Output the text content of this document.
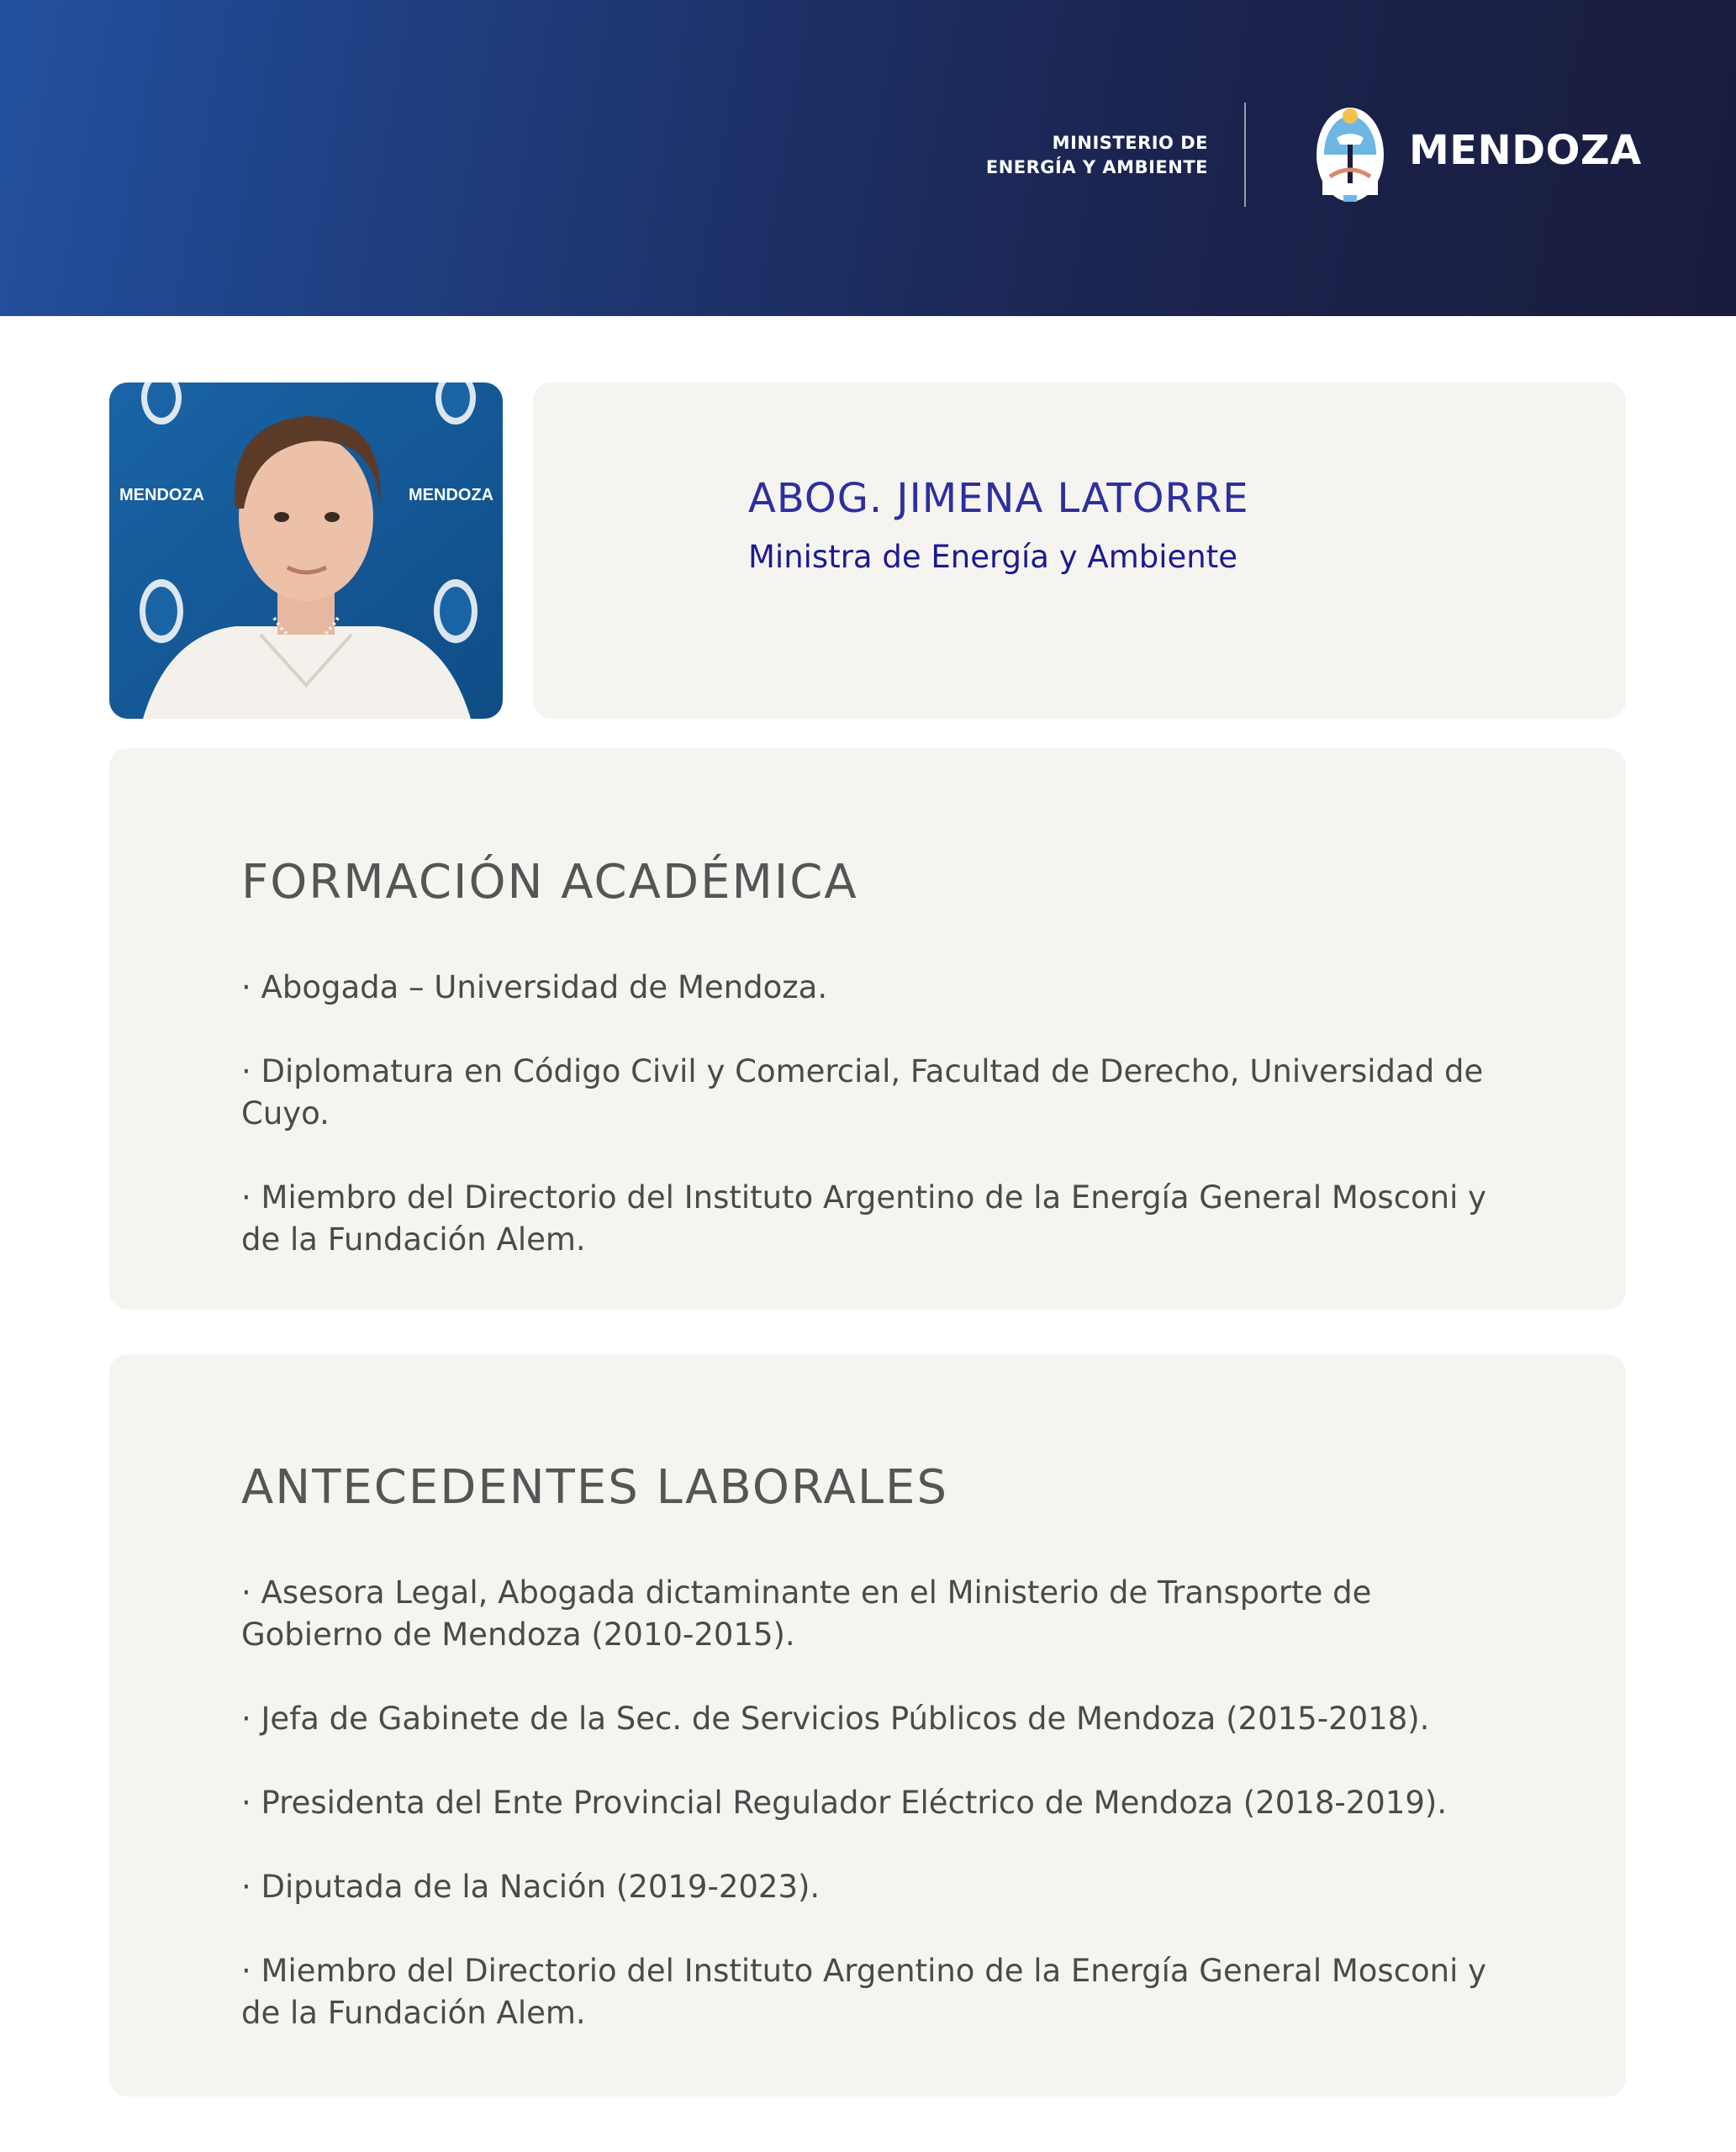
MINISTERIO DE
ENERGÍA Y AMBIENTE	MENDOZA
MENDOZA	MENDOZA	ABOG. JIMENA LATORRE
Ministra de Energía y Ambiente
FORMACIÓN ACADÉMICA
· Abogada – Universidad de Mendoza.
· Diplomatura en Código Civil y Comercial, Facultad de Derecho, Universidad de Cuyo.
· Miembro del Directorio del Instituto Argentino de la Energía General Mosconi y de la Fundación Alem.
ANTECEDENTES LABORALES
· Asesora Legal, Abogada dictaminante en el Ministerio de Transporte de Gobierno de Mendoza (2010-2015).
· Jefa de Gabinete de la Sec. de Servicios Públicos de Mendoza (2015-2018).
· Presidenta del Ente Provincial Regulador Eléctrico de Mendoza (2018-2019).
· Diputada de la Nación (2019-2023).
· Miembro del Directorio del Instituto Argentino de la Energía General Mosconi y de la Fundación Alem.
